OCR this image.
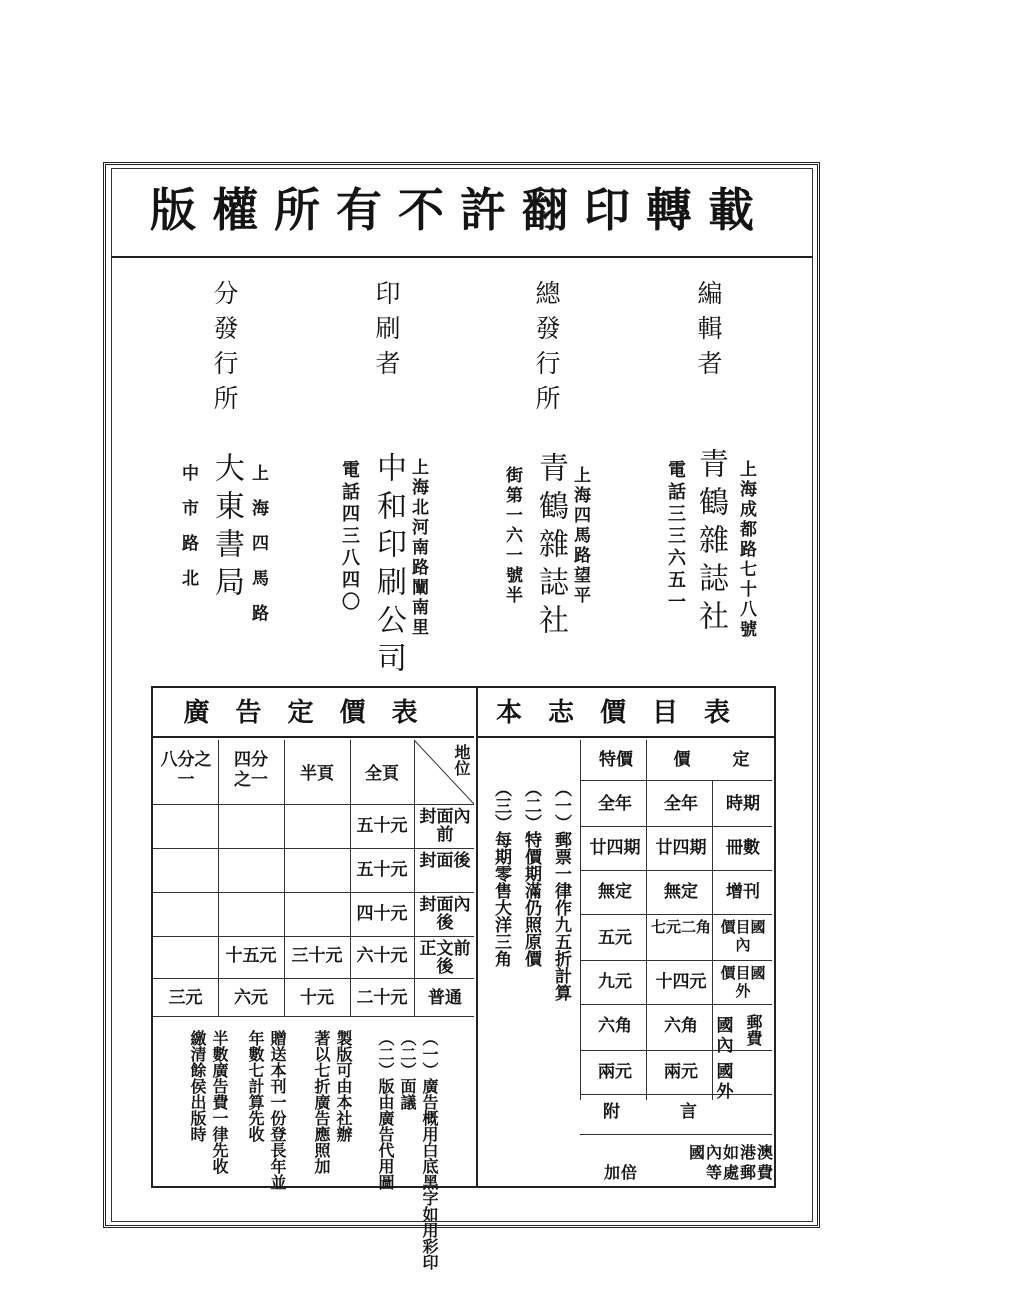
版權所有不許翻印轉載
編輯者
青鶴雜誌社 上海成都路七十八號
電話三三六五一
總發行所
青鶴雜誌社 上海四馬路望平
街第一六一號半
印刷者
中和印刷公司 上海北河南路闡南里
電話四三八四〇
分發行所
大東書局 上海四馬路
中市路北
本志價目表
定
價
特價
時期
全年
全年
冊數
廿四期
廿四期
增刊
無定
無定
價目國內
七元二角
五元
價目國外
十四元
九元
國內
六角
六角
國外
兩元
兩元
郵費
附言
國內如港澳
等處郵費
加倍
（一）郵票一律作九五折計算
（二）特價期滿仍照原價
（三）每期零售大洋三角
廣告定價表
地位
全頁
半頁
四分之一
八分之一
封面內前
五十元
封面後
五十元
封面內後
四十元
正文前後
六十元
三十元
十五元
普通
二十元
十元
六元
三元
（一）廣告概用白底黑字如用彩印
（二）面議
（二）版由廣告代用圖
製版可由本社辦
著以七折廣告應照加
贈送本刊一份登長年並
年數七計算先收
半數廣告費一律先收
繳清餘侯出版時
